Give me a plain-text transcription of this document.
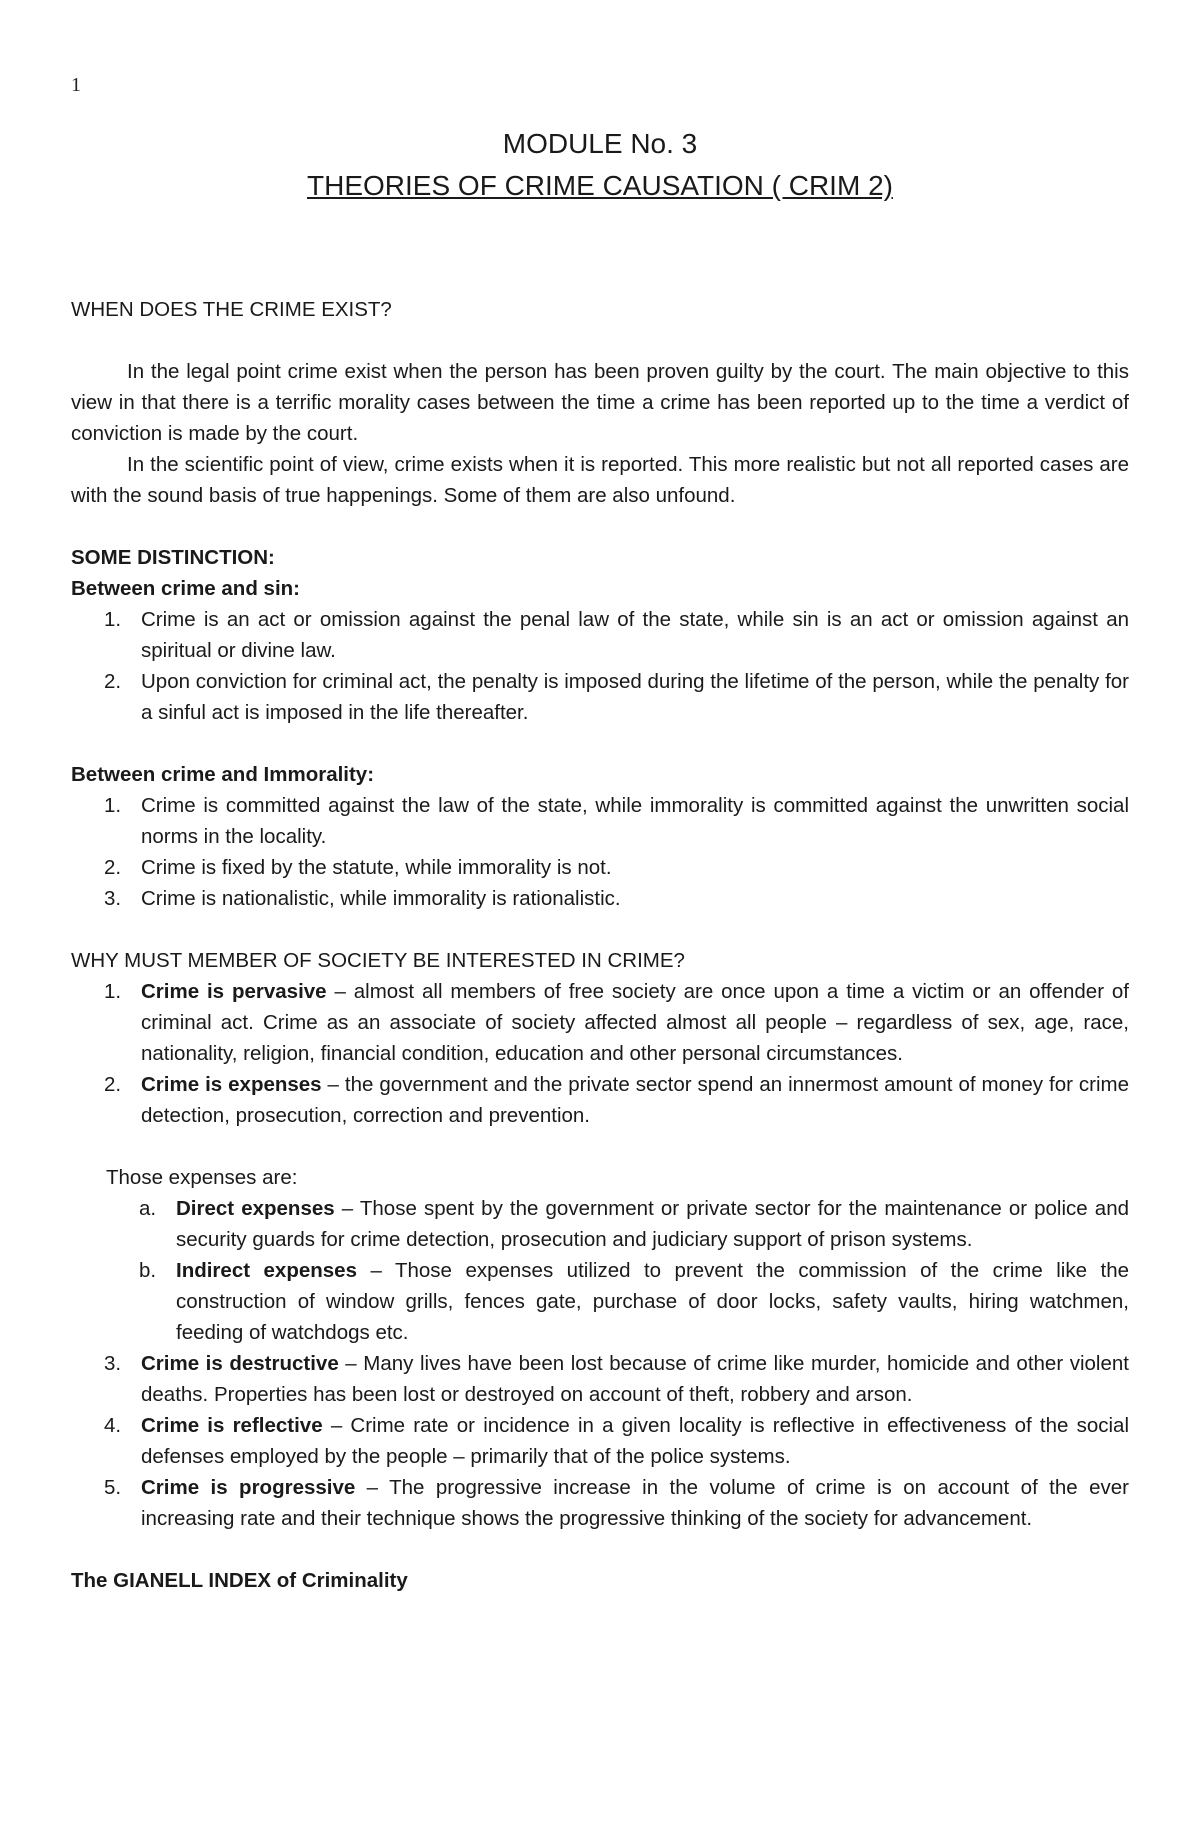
1
MODULE No. 3
THEORIES OF CRIME CAUSATION ( CRIM 2)

WHEN DOES THE CRIME EXIST?

In the legal point crime exist when the person has been proven guilty by the court. The main objective to this view in that there is a terrific morality cases between the time a crime has been reported up to the time a verdict of conviction is made by the court.

In the scientific point of view, crime exists when it is reported. This more realistic but not all reported cases are with the sound basis of true happenings. Some of them are also unfound.

SOME DISTINCTION:

Between crime and sin:

1. Crime is an act or omission against the penal law of the state, while sin is an act or omission against an spiritual or divine law.
2. Upon conviction for criminal act, the penalty is imposed during the lifetime of the person, while the penalty for a sinful act is imposed in the life thereafter.

Between crime and Immorality:

1. Crime is committed against the law of the state, while immorality is committed against the unwritten social norms in the locality.
2. Crime is fixed by the statute, while immorality is not.
3. Crime is nationalistic, while immorality is rationalistic.

WHY MUST MEMBER OF SOCIETY BE INTERESTED IN CRIME?

1. Crime is pervasive – almost all members of free society are once upon a time a victim or an offender of criminal act. Crime as an associate of society affected almost all people – regardless of sex, age, race, nationality, religion, financial condition, education and other personal circumstances.
2. Crime is expenses – the government and the private sector spend an innermost amount of money for crime detection, prosecution, correction and prevention.

Those expenses are:

a. Direct expenses – Those spent by the government or private sector for the maintenance or police and security guards for crime detection, prosecution and judiciary support of prison systems.
b. Indirect expenses – Those expenses utilized to prevent the commission of the crime like the construction of window grills, fences gate, purchase of door locks, safety vaults, hiring watchmen, feeding of watchdogs etc.
3. Crime is destructive – Many lives have been lost because of crime like murder, homicide and other violent deaths. Properties has been lost or destroyed on account of theft, robbery and arson.
4. Crime is reflective – Crime rate or incidence in a given locality is reflective in effectiveness of the social defenses employed by the people – primarily that of the police systems.
5. Crime is progressive – The progressive increase in the volume of crime is on account of the ever increasing rate and their technique shows the progressive thinking of the society for advancement.

The GIANELL INDEX of Criminality
